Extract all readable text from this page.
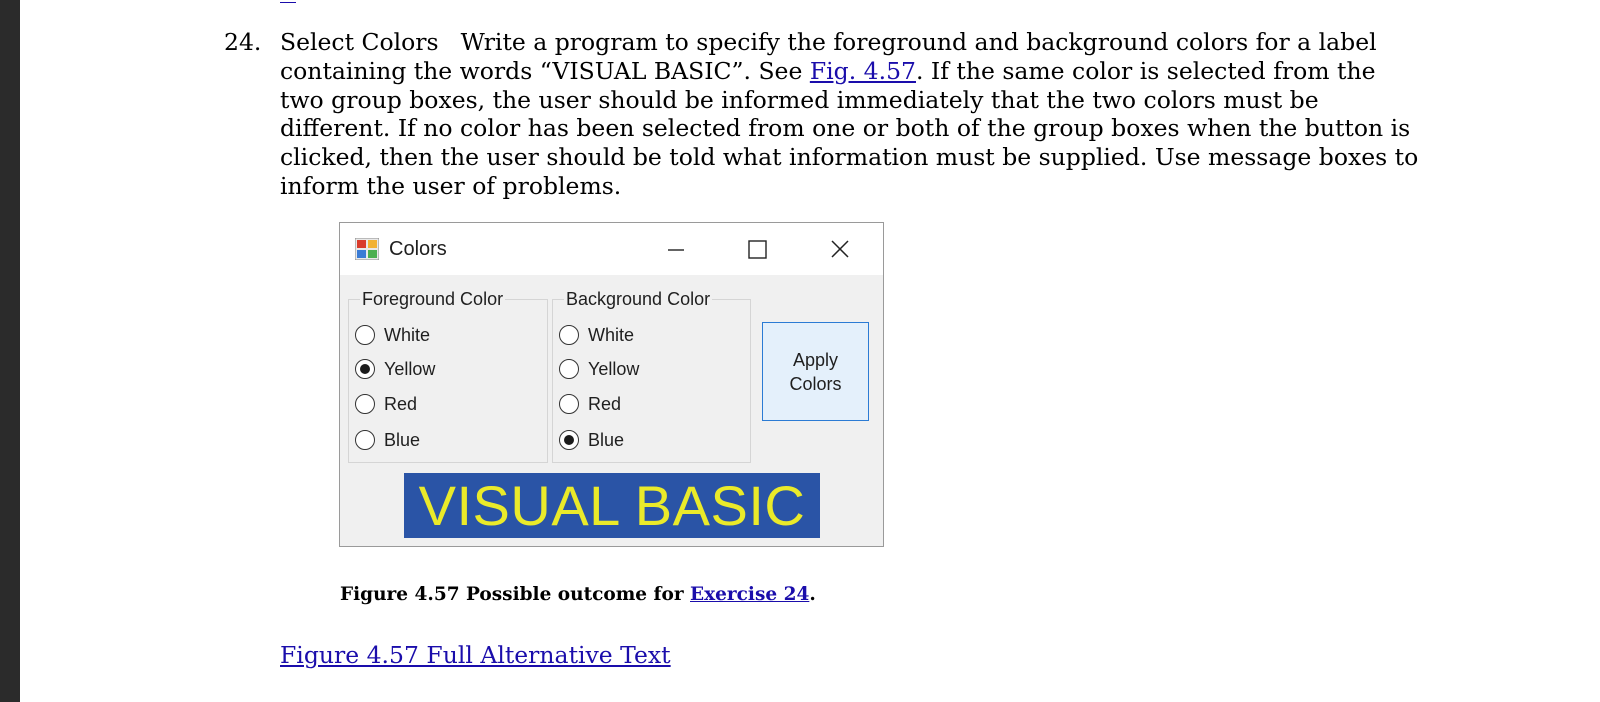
24. Select Colors Write a program to specify the foreground and background colors for a label containing the words “VISUAL BASIC”. See Fig. 4.57. If the same color is selected from the two group boxes, the user should be informed immediately that the two colors must be different. If no color has been selected from one or both of the group boxes when the button is clicked, then the user should be told what information must be supplied. Use message boxes to inform the user of problems.
Colors
Foreground Color
White
Yellow
Red
Blue
Background Color
White
Yellow
Red
Blue
Apply Colors
VISUAL BASIC
Figure 4.57 Possible outcome for Exercise 24.
Figure 4.57 Full Alternative Text
